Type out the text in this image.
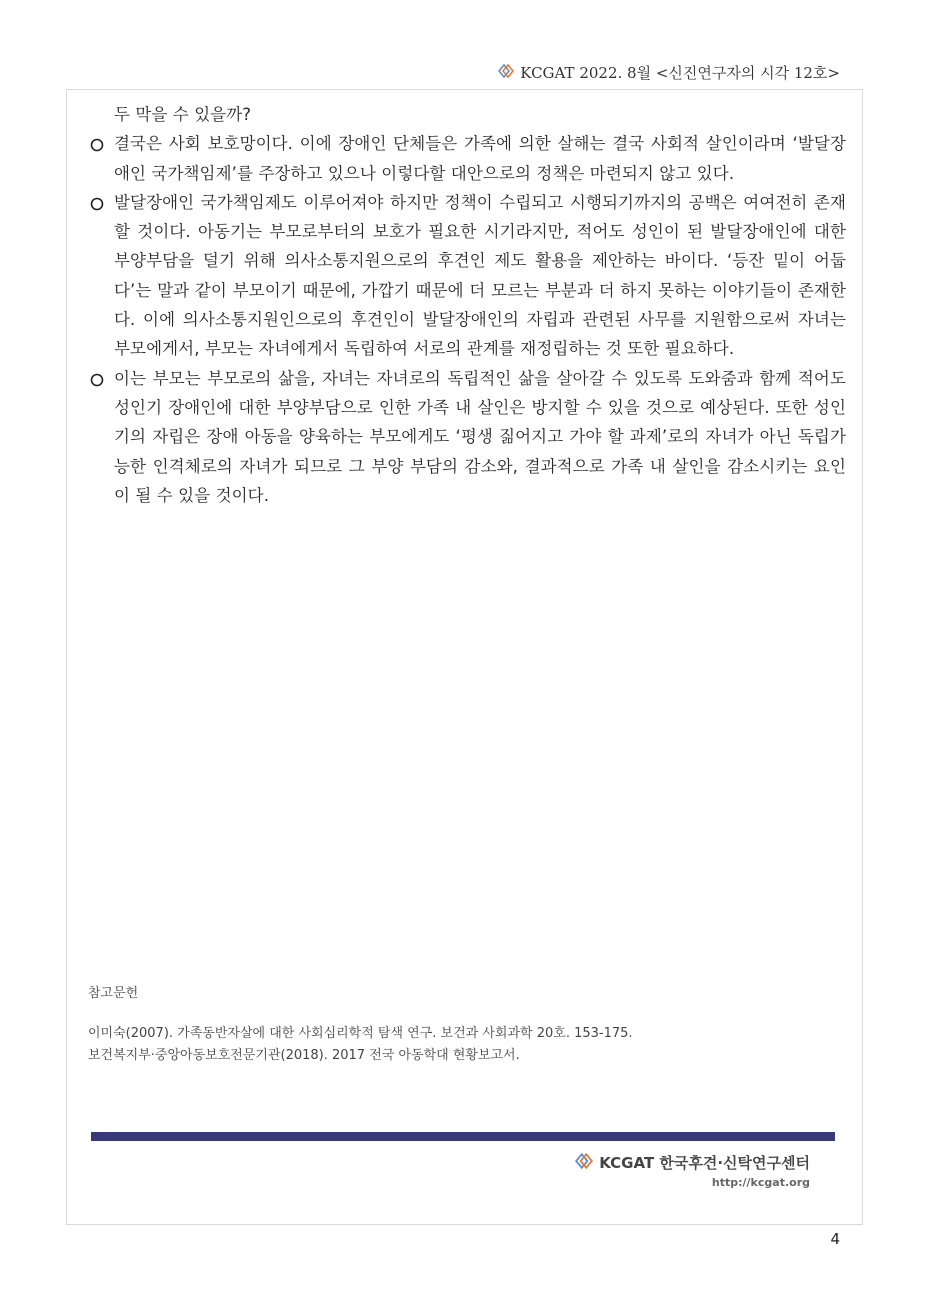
KCGAT 2022. 8월 <신진연구자의 시각 12호>
두 막을 수 있을까?
결국은 사회 보호망이다. 이에 장애인 단체들은 가족에 의한 살해는 결국 사회적 살인이라며 ‘발달장애인 국가책임제’를 주장하고 있으나 이렇다할 대안으로의 정책은 마련되지 않고 있다.
발달장애인 국가책임제도 이루어져야 하지만 정책이 수립되고 시행되기까지의 공백은 여여전히 존재할 것이다. 아동기는 부모로부터의 보호가 필요한 시기라지만, 적어도 성인이 된 발달장애인에 대한 부양부담을 덜기 위해 의사소통지원으로의 후견인 제도 활용을 제안하는 바이다. ‘등잔 밑이 어둡다’는 말과 같이 부모이기 때문에, 가깝기 때문에 더 모르는 부분과 더 하지 못하는 이야기들이 존재한다. 이에 의사소통지원인으로의 후견인이 발달장애인의 자립과 관련된 사무를 지원함으로써 자녀는 부모에게서, 부모는 자녀에게서 독립하여 서로의 관계를 재정립하는 것 또한 필요하다.
이는 부모는 부모로의 삶을, 자녀는 자녀로의 독립적인 삶을 살아갈 수 있도록 도와줌과 함께 적어도 성인기 장애인에 대한 부양부담으로 인한 가족 내 살인은 방지할 수 있을 것으로 예상된다. 또한 성인기의 자립은 장애 아동을 양육하는 부모에게도 ‘평생 짊어지고 가야 할 과제’로의 자녀가 아닌 독립가능한 인격체로의 자녀가 되므로 그 부양 부담의 감소와, 결과적으로 가족 내 살인을 감소시키는 요인이 될 수 있을 것이다.
참고문헌
이미숙(2007). 가족동반자살에 대한 사회심리학적 탐색 연구. 보건과 사회과학 20호. 153-175.
보건복지부·중앙아동보호전문기관(2018). 2017 전국 아동학대 현황보고서.
KCGAT 한국후견·신탁연구센터
http://kcgat.org
4
